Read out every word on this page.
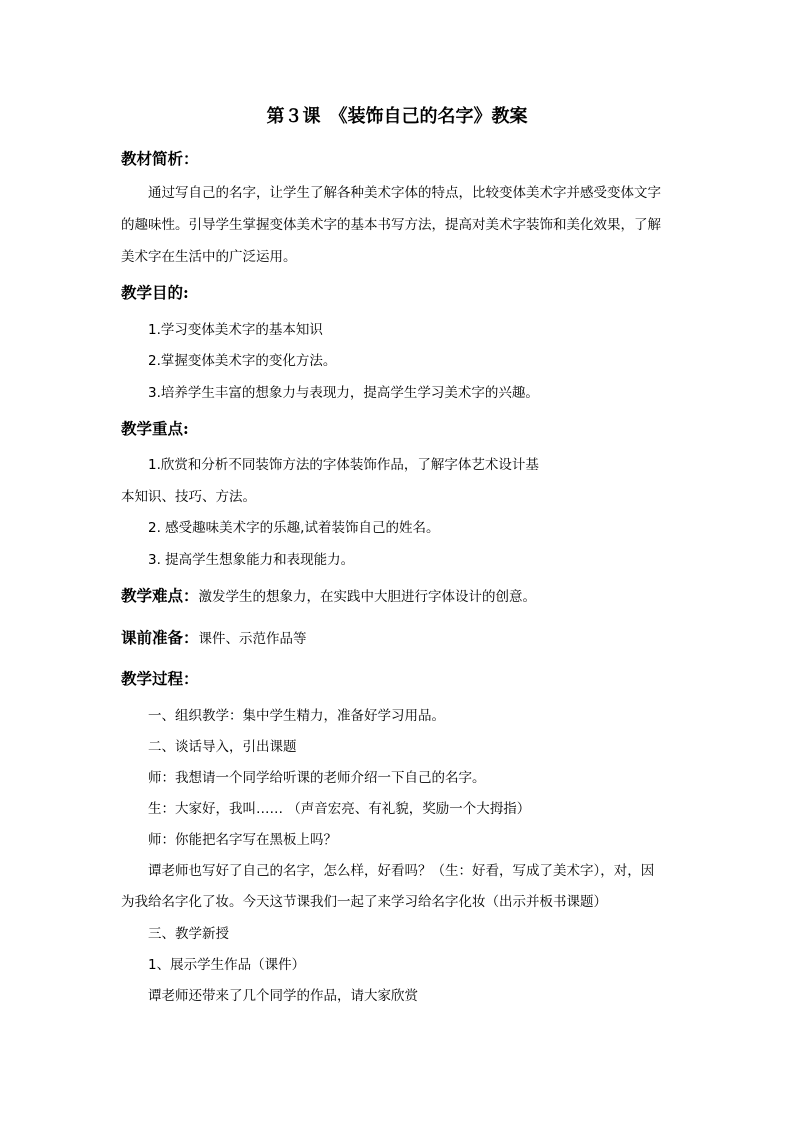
第３课　《装饰自己的名字》教案
教材简析：
通过写自己的名字，让学生了解各种美术字体的特点，比较变体美术字并感受变体文字
的趣味性。引导学生掌握变体美术字的基本书写方法，提高对美术字装饰和美化效果，了解
美术字在生活中的广泛运用。
教学目的:
1.学习变体美术字的基本知识
2.掌握变体美术字的变化方法。
3.培养学生丰富的想象力与表现力，提高学生学习美术字的兴趣。
教学重点:
1.欣赏和分析不同装饰方法的字体装饰作品，了解字体艺术设计基
本知识、技巧、方法。
2. 感受趣味美术字的乐趣,试着装饰自己的姓名。
3. 提高学生想象能力和表现能力。
教学难点：激发学生的想象力，在实践中大胆进行字体设计的创意。
课前准备：课件、示范作品等
教学过程：
一、组织教学：集中学生精力，准备好学习用品。
二、谈话导入，引出课题
师：我想请一个同学给听课的老师介绍一下自己的名字。
生：大家好，我叫…… （声音宏亮、有礼貌，奖励一个大拇指）
师：你能把名字写在黑板上吗？
谭老师也写好了自己的名字，怎么样，好看吗？（生：好看，写成了美术字），对，因
为我给名字化了妆。今天这节课我们一起了来学习给名字化妆（出示并板书课题）
三、教学新授
1、展示学生作品（课件）
谭老师还带来了几个同学的作品，请大家欣赏
